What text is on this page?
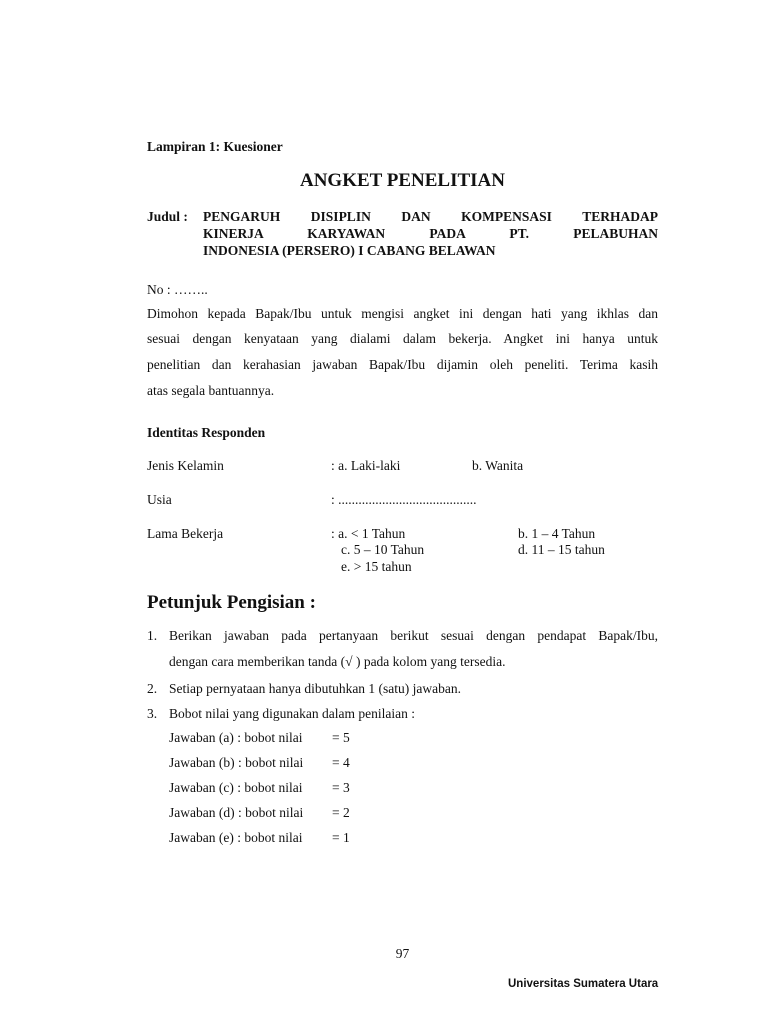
Lampiran 1: Kuesioner
ANGKET PENELITIAN
Judul : PENGARUH DISIPLIN DAN KOMPENSASI TERHADAP
KINERJA KARYAWAN PADA PT. PELABUHAN
INDONESIA (PERSERO) I CABANG BELAWAN
No : ……..
Dimohon kepada Bapak/Ibu untuk mengisi angket ini dengan hati yang ikhlas dan
sesuai dengan kenyataan yang dialami dalam bekerja. Angket ini hanya untuk
penelitian dan kerahasian jawaban Bapak/Ibu dijamin oleh peneliti. Terima kasih
atas segala bantuannya.
Identitas Responden
Jenis Kelamin	: a. Laki-laki	b. Wanita
Usia	: .........................................
Lama Bekerja	: a. < 1 Tahun	b. 1 – 4 Tahun
c. 5 – 10 Tahun	d. 11 – 15 tahun
e. > 15 tahun
Petunjuk Pengisian :
1. Berikan jawaban pada pertanyaan berikut sesuai dengan pendapat Bapak/Ibu,
dengan cara memberikan tanda (√ ) pada kolom yang tersedia.
2. Setiap pernyataan hanya dibutuhkan 1 (satu) jawaban.
3. Bobot nilai yang digunakan dalam penilaian :
Jawaban (a) : bobot nilai = 5
Jawaban (b) : bobot nilai = 4
Jawaban (c) : bobot nilai = 3
Jawaban (d) : bobot nilai = 2
Jawaban (e) : bobot nilai = 1
97
Universitas Sumatera Utara
